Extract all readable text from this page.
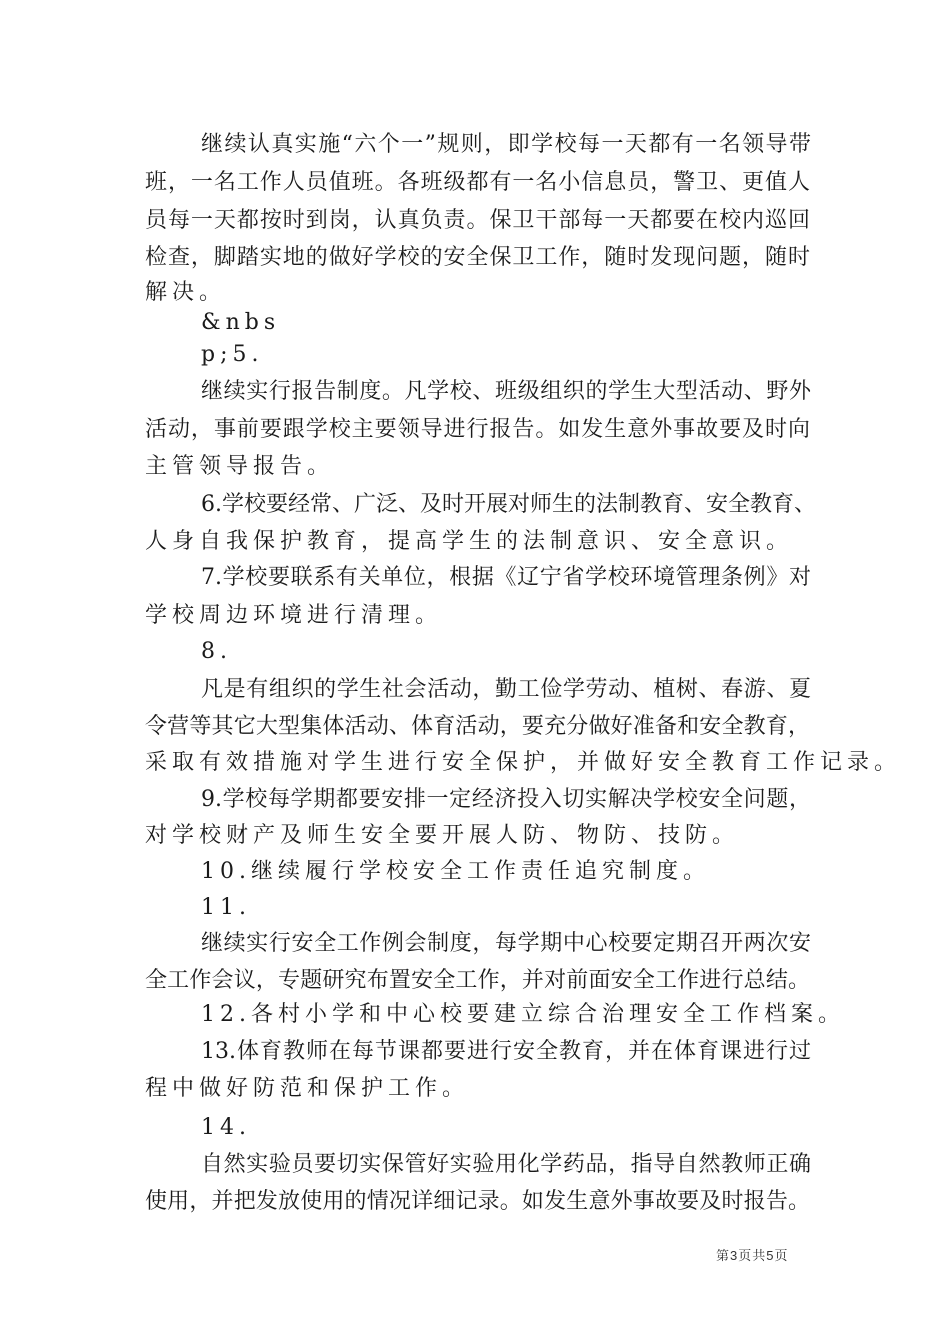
继续认真实施“六个一”规则，即学校每一天都有一名领导带
班，一名工作人员值班。各班级都有一名小信息员，警卫、更值人
员每一天都按时到岗，认真负责。保卫干部每一天都要在校内巡回
检查，脚踏实地的做好学校的安全保卫工作，随时发现问题，随时
解决。
&nbs
p;5.
继续实行报告制度。凡学校、班级组织的学生大型活动、野外
活动，事前要跟学校主要领导进行报告。如发生意外事故要及时向
主管领导报告。
6.学校要经常、广泛、及时开展对师生的法制教育、安全教育、
人身自我保护教育，提高学生的法制意识、安全意识。
7.学校要联系有关单位，根据《辽宁省学校环境管理条例》对
学校周边环境进行清理。
8.
凡是有组织的学生社会活动，勤工俭学劳动、植树、春游、夏
令营等其它大型集体活动、体育活动，要充分做好准备和安全教育，
采取有效措施对学生进行安全保护，并做好安全教育工作记录。
9.学校每学期都要安排一定经济投入切实解决学校安全问题，
对学校财产及师生安全要开展人防、物防、技防。
10.继续履行学校安全工作责任追究制度。
11.
继续实行安全工作例会制度，每学期中心校要定期召开两次安
全工作会议，专题研究布置安全工作，并对前面安全工作进行总结。
12.各村小学和中心校要建立综合治理安全工作档案。
13.体育教师在每节课都要进行安全教育，并在体育课进行过
程中做好防范和保护工作。
14.
自然实验员要切实保管好实验用化学药品，指导自然教师正确
使用，并把发放使用的情况详细记录。如发生意外事故要及时报告。
第3页共5页
